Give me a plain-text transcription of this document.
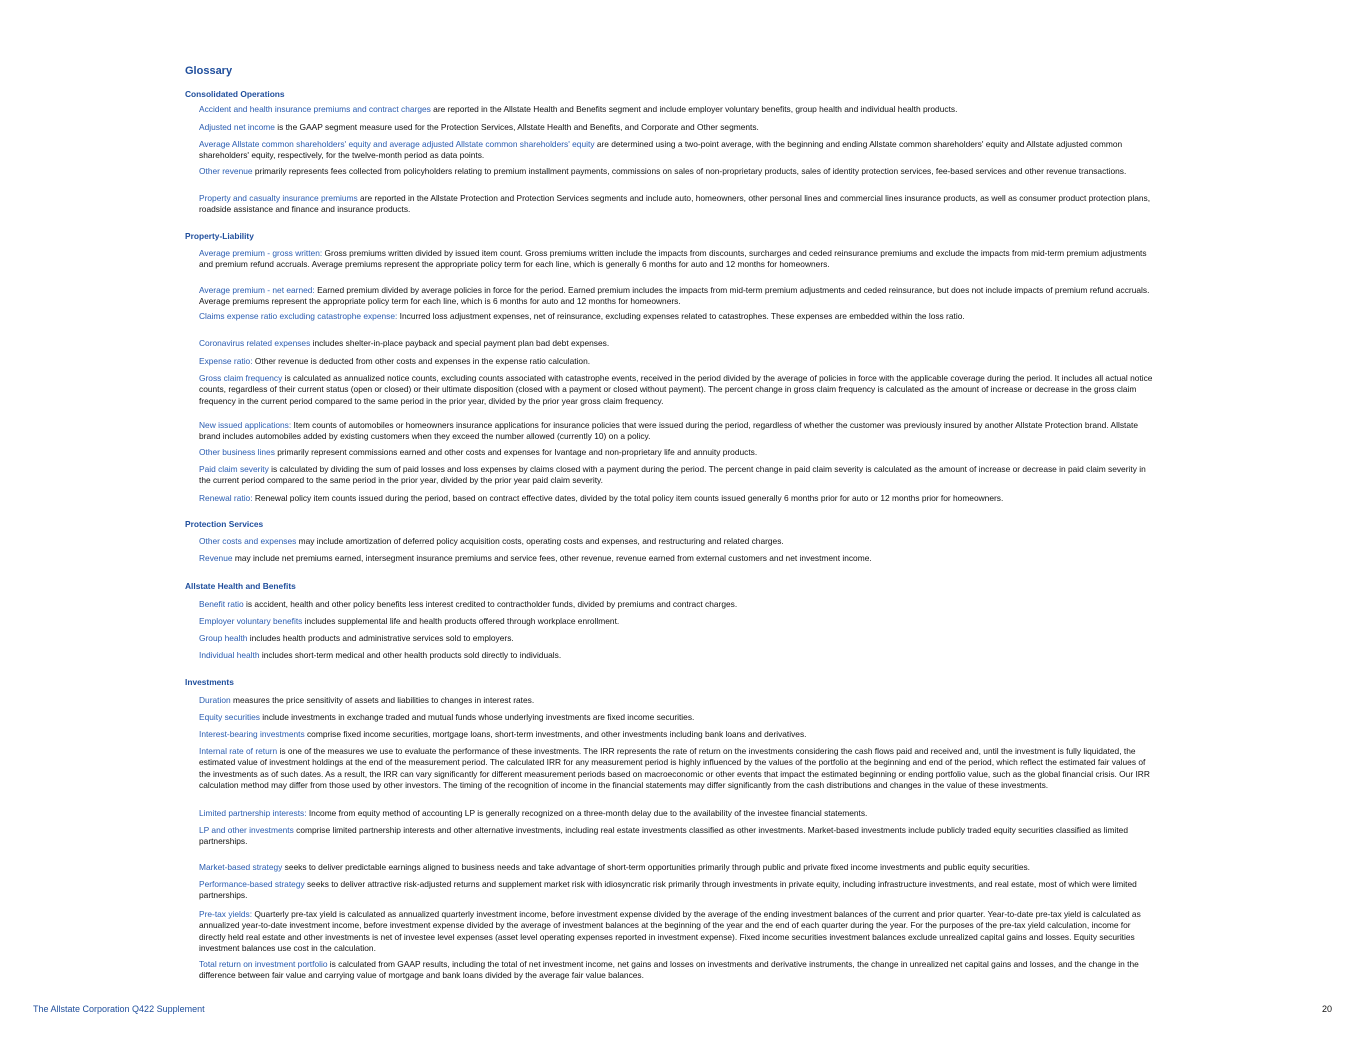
Glossary
Consolidated Operations

Accident and health insurance premiums and contract charges are reported in the Allstate Health and Benefits segment and include employer voluntary benefits, group health and individual health products.

Adjusted net income is the GAAP segment measure used for the Protection Services, Allstate Health and Benefits, and Corporate and Other segments.

Average Allstate common shareholders' equity and average adjusted Allstate common shareholders' equity are determined using a two-point average, with the beginning and ending Allstate common shareholders' equity and Allstate adjusted common shareholders' equity, respectively, for the twelve-month period as data points.

Other revenue primarily represents fees collected from policyholders relating to premium installment payments, commissions on sales of non-proprietary products, sales of identity protection services, fee-based services and other revenue transactions.

Property and casualty insurance premiums are reported in the Allstate Protection and Protection Services segments and include auto, homeowners, other personal lines and commercial lines insurance products, as well as consumer product protection plans, roadside assistance and finance and insurance products.

Property-Liability

Average premium - gross written: Gross premiums written divided by issued item count. Gross premiums written include the impacts from discounts, surcharges and ceded reinsurance premiums and exclude the impacts from mid-term premium adjustments and premium refund accruals. Average premiums represent the appropriate policy term for each line, which is generally 6 months for auto and 12 months for homeowners.

Average premium - net earned: Earned premium divided by average policies in force for the period. Earned premium includes the impacts from mid-term premium adjustments and ceded reinsurance, but does not include impacts of premium refund accruals. Average premiums represent the appropriate policy term for each line, which is 6 months for auto and 12 months for homeowners.

Claims expense ratio excluding catastrophe expense: Incurred loss adjustment expenses, net of reinsurance, excluding expenses related to catastrophes. These expenses are embedded within the loss ratio.

Coronavirus related expenses includes shelter-in-place payback and special payment plan bad debt expenses.

Expense ratio: Other revenue is deducted from other costs and expenses in the expense ratio calculation.

Gross claim frequency is calculated as annualized notice counts, excluding counts associated with catastrophe events, received in the period divided by the average of policies in force with the applicable coverage during the period. It includes all actual notice counts, regardless of their current status (open or closed) or their ultimate disposition (closed with a payment or closed without payment). The percent change in gross claim frequency is calculated as the amount of increase or decrease in the gross claim frequency in the current period compared to the same period in the prior year, divided by the prior year gross claim frequency.

New issued applications: Item counts of automobiles or homeowners insurance applications for insurance policies that were issued during the period, regardless of whether the customer was previously insured by another Allstate Protection brand. Allstate brand includes automobiles added by existing customers when they exceed the number allowed (currently 10) on a policy.

Other business lines primarily represent commissions earned and other costs and expenses for Ivantage and non-proprietary life and annuity products.

Paid claim severity is calculated by dividing the sum of paid losses and loss expenses by claims closed with a payment during the period. The percent change in paid claim severity is calculated as the amount of increase or decrease in paid claim severity in the current period compared to the same period in the prior year, divided by the prior year paid claim severity.

Renewal ratio: Renewal policy item counts issued during the period, based on contract effective dates, divided by the total policy item counts issued generally 6 months prior for auto or 12 months prior for homeowners.

Protection Services

Other costs and expenses may include amortization of deferred policy acquisition costs, operating costs and expenses, and restructuring and related charges.

Revenue may include net premiums earned, intersegment insurance premiums and service fees, other revenue, revenue earned from external customers and net investment income.

Allstate Health and Benefits

Benefit ratio is accident, health and other policy benefits less interest credited to contractholder funds, divided by premiums and contract charges.

Employer voluntary benefits includes supplemental life and health products offered through workplace enrollment.

Group health includes health products and administrative services sold to employers.

Individual health includes short-term medical and other health products sold directly to individuals.

Investments

Duration measures the price sensitivity of assets and liabilities to changes in interest rates.

Equity securities include investments in exchange traded and mutual funds whose underlying investments are fixed income securities.

Interest-bearing investments comprise fixed income securities, mortgage loans, short-term investments, and other investments including bank loans and derivatives.

Internal rate of return is one of the measures we use to evaluate the performance of these investments. The IRR represents the rate of return on the investments considering the cash flows paid and received and, until the investment is fully liquidated, the estimated value of investment holdings at the end of the measurement period. The calculated IRR for any measurement period is highly influenced by the values of the portfolio at the beginning and end of the period, which reflect the estimated fair values of the investments as of such dates. As a result, the IRR can vary significantly for different measurement periods based on macroeconomic or other events that impact the estimated beginning or ending portfolio value, such as the global financial crisis. Our IRR calculation method may differ from those used by other investors. The timing of the recognition of income in the financial statements may differ significantly from the cash distributions and changes in the value of these investments.

Limited partnership interests: Income from equity method of accounting LP is generally recognized on a three-month delay due to the availability of the investee financial statements.

LP and other investments comprise limited partnership interests and other alternative investments, including real estate investments classified as other investments. Market-based investments include publicly traded equity securities classified as limited partnerships.

Market-based strategy seeks to deliver predictable earnings aligned to business needs and take advantage of short-term opportunities primarily through public and private fixed income investments and public equity securities.

Performance-based strategy seeks to deliver attractive risk-adjusted returns and supplement market risk with idiosyncratic risk primarily through investments in private equity, including infrastructure investments, and real estate, most of which were limited partnerships.

Pre-tax yields: Quarterly pre-tax yield is calculated as annualized quarterly investment income, before investment expense divided by the average of the ending investment balances of the current and prior quarter. Year-to-date pre-tax yield is calculated as annualized year-to-date investment income, before investment expense divided by the average of investment balances at the beginning of the year and the end of each quarter during the year. For the purposes of the pre-tax yield calculation, income for directly held real estate and other investments is net of investee level expenses (asset level operating expenses reported in investment expense). Fixed income securities investment balances exclude unrealized capital gains and losses. Equity securities investment balances use cost in the calculation.

Total return on investment portfolio is calculated from GAAP results, including the total of net investment income, net gains and losses on investments and derivative instruments, the change in unrealized net capital gains and losses, and the change in the difference between fair value and carrying value of mortgage and bank loans divided by the average fair value balances.

The Allstate Corporation Q422 Supplement	20
